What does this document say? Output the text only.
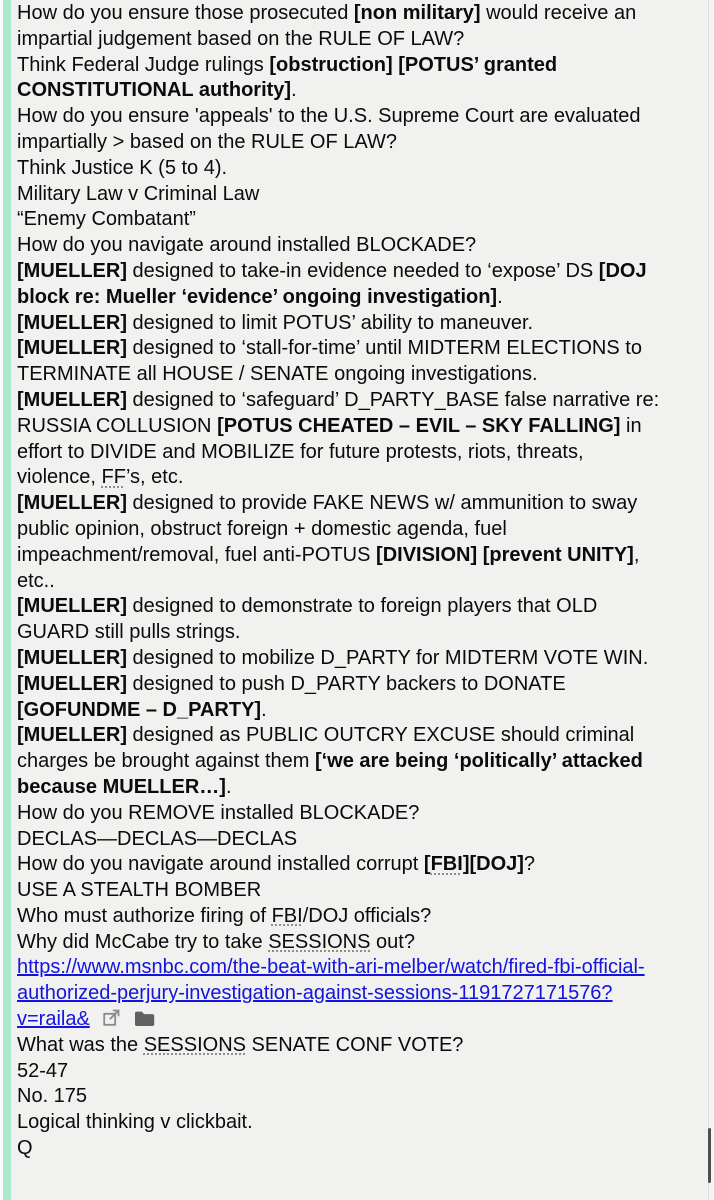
How do you ensure those prosecuted [non military] would receive an impartial judgement based on the RULE OF LAW?
Think Federal Judge rulings [obstruction] [POTUS’ granted CONSTITUTIONAL authority].
How do you ensure 'appeals' to the U.S. Supreme Court are evaluated impartially > based on the RULE OF LAW?
Think Justice K (5 to 4).
Military Law v Criminal Law
“Enemy Combatant”
How do you navigate around installed BLOCKADE?
[MUELLER] designed to take-in evidence needed to ‘expose’ DS [DOJ block re: Mueller ‘evidence’ ongoing investigation].
[MUELLER] designed to limit POTUS’ ability to maneuver.
[MUELLER] designed to ‘stall-for-time’ until MIDTERM ELECTIONS to TERMINATE all HOUSE / SENATE ongoing investigations.
[MUELLER] designed to ‘safeguard’ D_PARTY_BASE false narrative re: RUSSIA COLLUSION [POTUS CHEATED – EVIL – SKY FALLING] in effort to DIVIDE and MOBILIZE for future protests, riots, threats, violence, FF’s, etc.
[MUELLER] designed to provide FAKE NEWS w/ ammunition to sway public opinion, obstruct foreign + domestic agenda, fuel impeachment/removal, fuel anti-POTUS [DIVISION] [prevent UNITY], etc..
[MUELLER] designed to demonstrate to foreign players that OLD GUARD still pulls strings.
[MUELLER] designed to mobilize D_PARTY for MIDTERM VOTE WIN.
[MUELLER] designed to push D_PARTY backers to DONATE [GOFUNDME – D_PARTY].
[MUELLER] designed as PUBLIC OUTCRY EXCUSE should criminal charges be brought against them [‘we are being ‘politically’ attacked because MUELLER…].
How do you REMOVE installed BLOCKADE?
DECLAS—DECLAS—DECLAS
How do you navigate around installed corrupt [FBI][DOJ]?
USE A STEALTH BOMBER
Who must authorize firing of FBI/DOJ officials?
Why did McCabe try to take SESSIONS out?
https://www.msnbc.com/the-beat-with-ari-melber/watch/fired-fbi-official-authorized-perjury-investigation-against-sessions-1191727171576?v=raila&

What was the SESSIONS SENATE CONF VOTE?
52-47
No. 175
Logical thinking v clickbait.
Q
